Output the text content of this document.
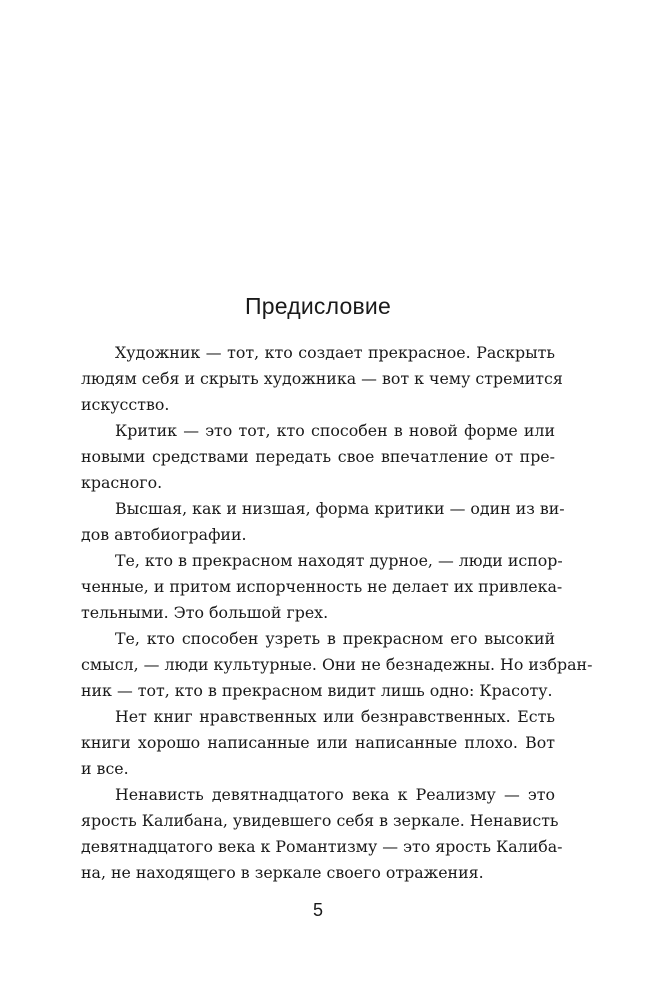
Предисловие
Художник — тот, кто создает прекрасное. Раскрыть
людям себя и скрыть художника — вот к чему стремится
искусство.
Критик — это тот, кто способен в новой форме или
новыми средствами передать свое впечатление от пре-
красного.
Высшая, как и низшая, форма критики — один из ви-
дов автобиографии.
Те, кто в прекрасном находят дурное, — люди испор-
ченные, и притом испорченность не делает их привлека-
тельными. Это большой грех.
Те, кто способен узреть в прекрасном его высокий
смысл, — люди культурные. Они не безнадежны. Но избран-
ник — тот, кто в прекрасном видит лишь одно: Красоту.
Нет книг нравственных или безнравственных. Есть
книги хорошо написанные или написанные плохо. Вот
и все.
Ненависть девятнадцатого века к Реализму — это
ярость Калибана, увидевшего себя в зеркале. Ненависть
девятнадцатого века к Романтизму — это ярость Калиба-
на, не находящего в зеркале своего отражения.
5
